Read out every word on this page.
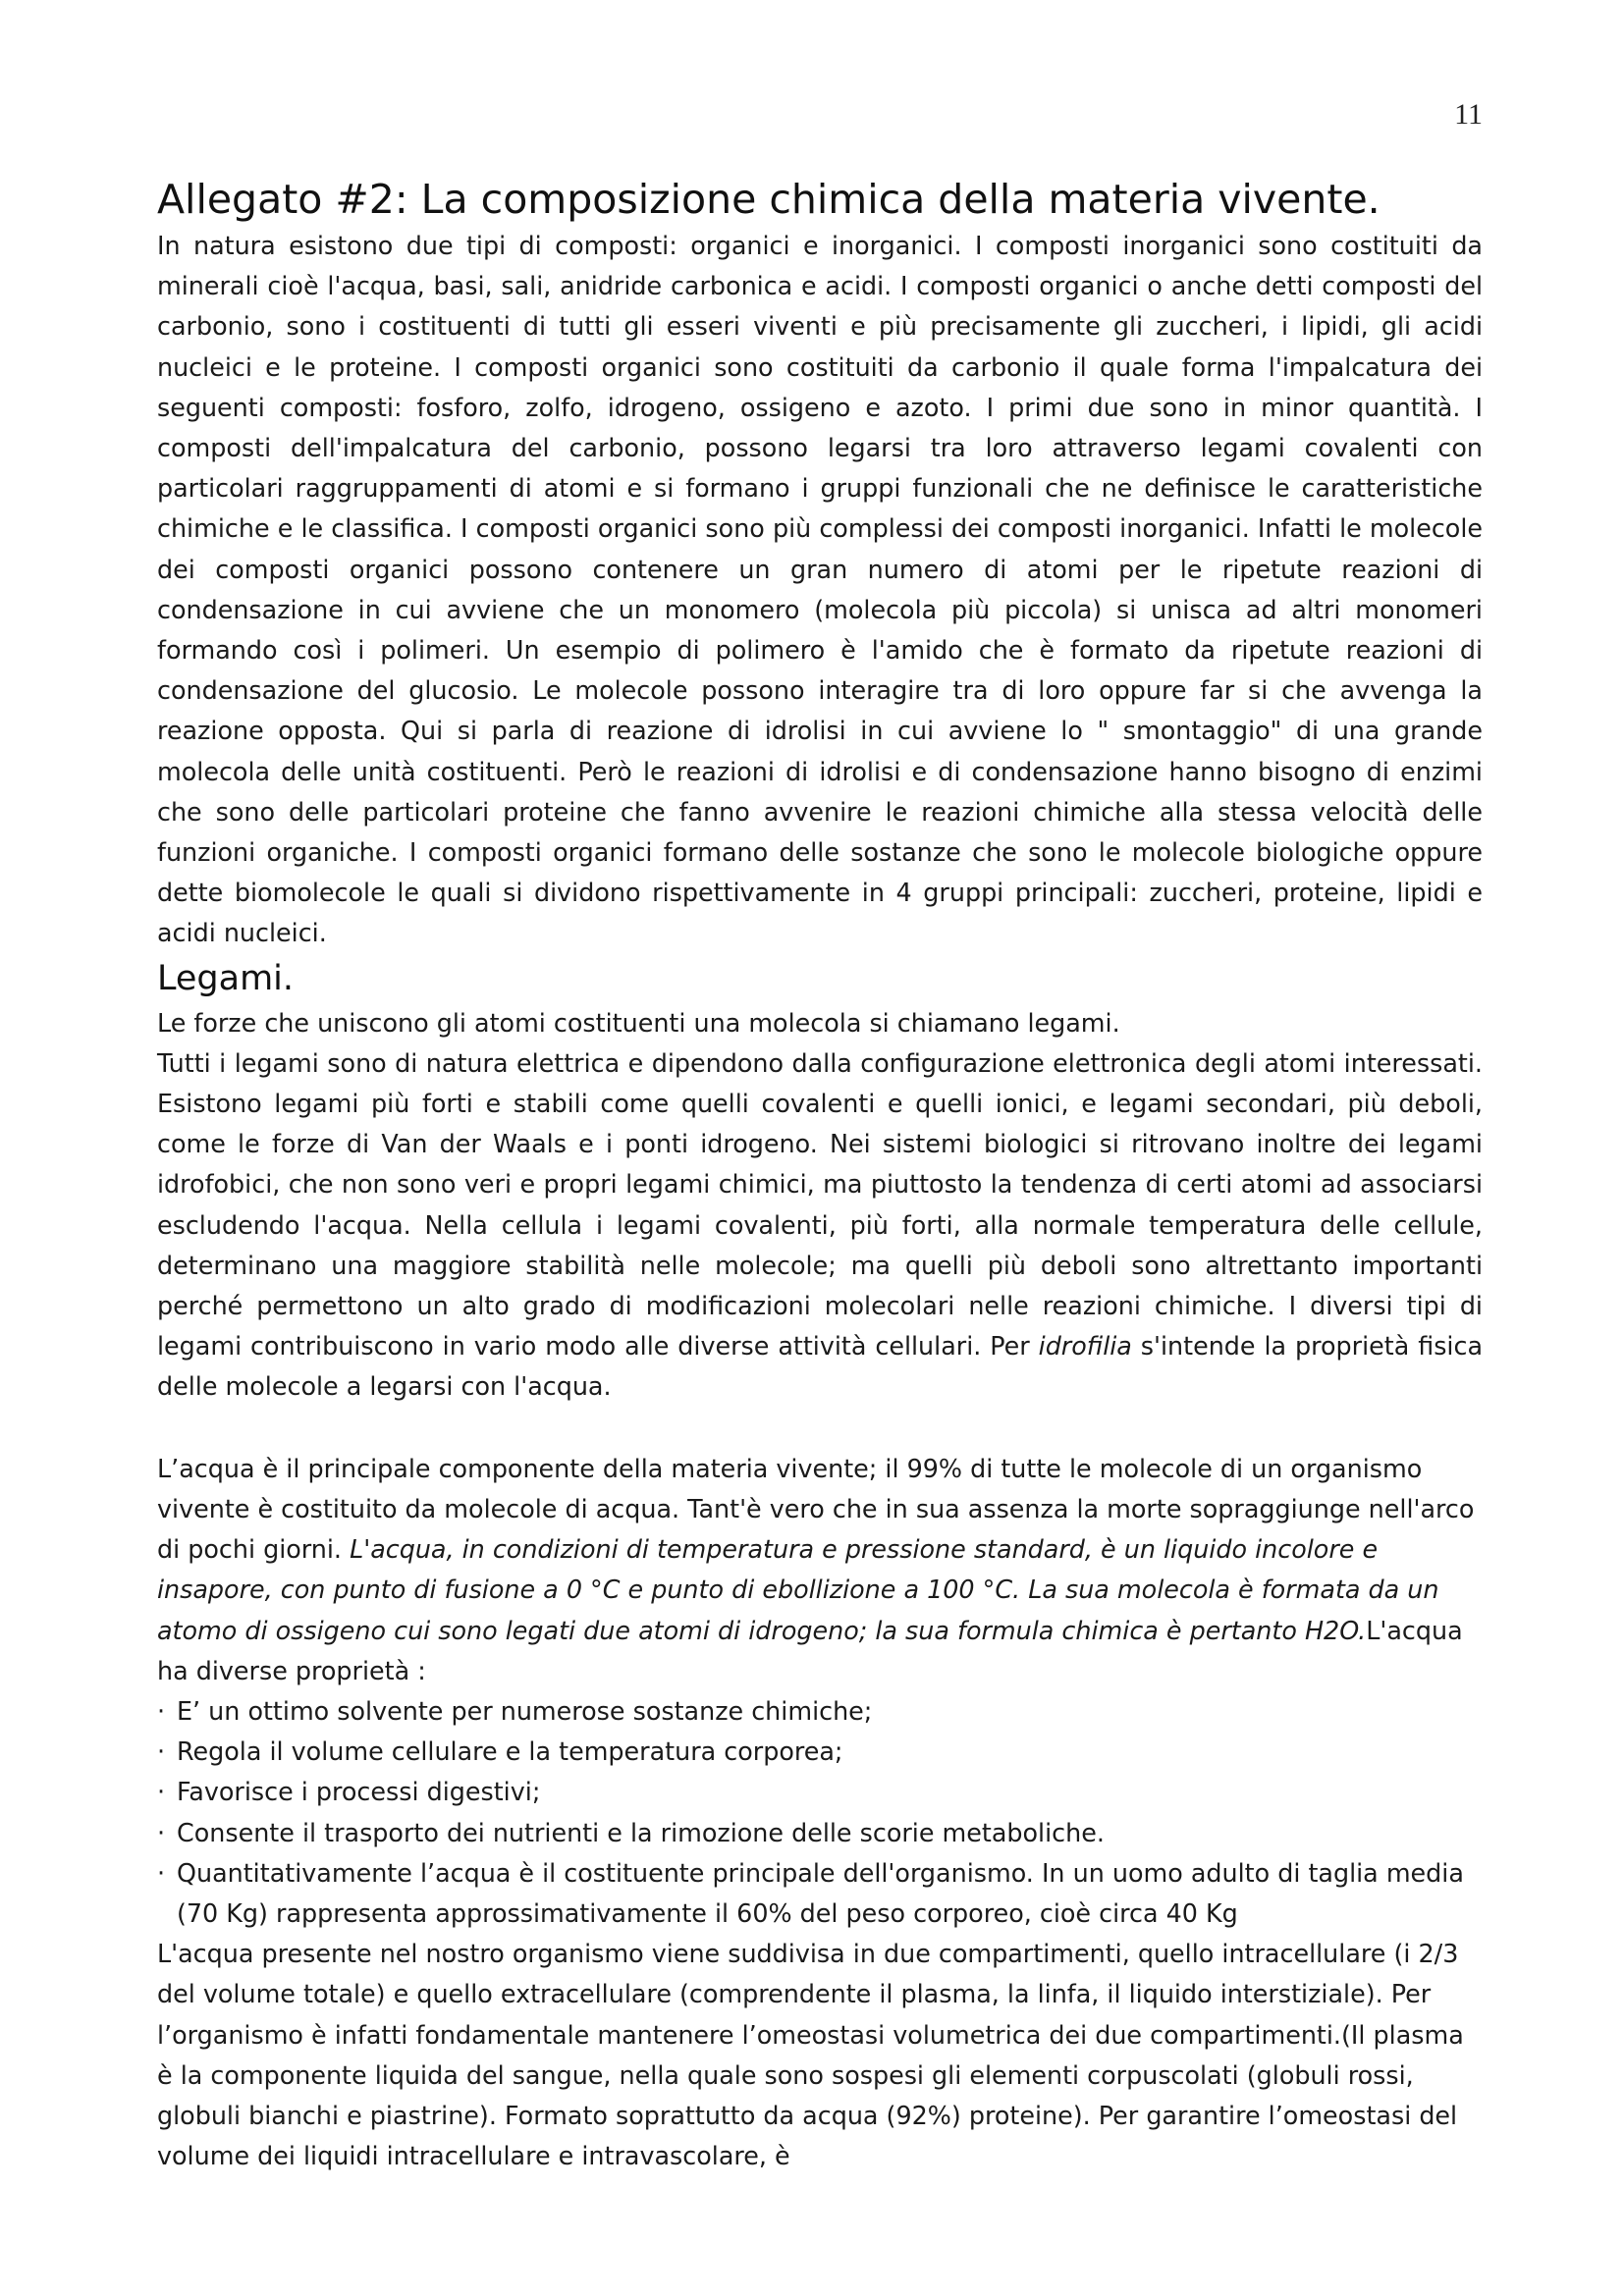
11
Allegato #2: La composizione chimica della materia vivente.

In natura esistono due tipi di composti: organici e inorganici. I composti inorganici sono costituiti da minerali cioè l'acqua, basi, sali, anidride carbonica e acidi. I composti organici o anche detti composti del carbonio, sono i costituenti di tutti gli esseri viventi e più precisamente gli zuccheri, i lipidi, gli acidi nucleici e le proteine. I composti organici sono costituiti da carbonio il quale forma l'impalcatura dei seguenti composti: fosforo, zolfo, idrogeno, ossigeno e azoto. I primi due sono in minor quantità. I composti dell'impalcatura del carbonio, possono legarsi tra loro attraverso legami covalenti con particolari raggruppamenti di atomi e si formano i gruppi funzionali che ne definisce le caratteristiche chimiche e le classifica. I composti organici sono più complessi dei composti inorganici. Infatti le molecole dei composti organici possono contenere un gran numero di atomi per le ripetute reazioni di condensazione in cui avviene che un monomero (molecola più piccola) si unisca ad altri monomeri formando così i polimeri. Un esempio di polimero è l'amido che è formato da ripetute reazioni di condensazione del glucosio. Le molecole possono interagire tra di loro oppure far si che avvenga la reazione opposta. Qui si parla di reazione di idrolisi in cui avviene lo " smontaggio" di una grande molecola delle unità costituenti. Però le reazioni di idrolisi e di condensazione hanno bisogno di enzimi che sono delle particolari proteine che fanno avvenire le reazioni chimiche alla stessa velocità delle funzioni organiche. I composti organici formano delle sostanze che sono le molecole biologiche oppure dette biomolecole le quali si dividono rispettivamente in 4 gruppi principali: zuccheri, proteine, lipidi e acidi nucleici.

Legami.

Le forze che uniscono gli atomi costituenti una molecola si chiamano legami.

Tutti i legami sono di natura elettrica e dipendono dalla configurazione elettronica degli atomi interessati. Esistono legami più forti e stabili come quelli covalenti e quelli ionici, e legami secondari, più deboli, come le forze di Van der Waals e i ponti idrogeno. Nei sistemi biologici si ritrovano inoltre dei legami idrofobici, che non sono veri e propri legami chimici, ma piuttosto la tendenza di certi atomi ad associarsi escludendo l'acqua. Nella cellula i legami covalenti, più forti, alla normale temperatura delle cellule, determinano una maggiore stabilità nelle molecole; ma quelli più deboli sono altrettanto importanti perché permettono un alto grado di modificazioni molecolari nelle reazioni chimiche. I diversi tipi di legami contribuiscono in vario modo alle diverse attività cellulari. Per idrofilia s'intende la proprietà fisica delle molecole a legarsi con l'acqua.

L’acqua è il principale componente della materia vivente; il 99% di tutte le molecole di un organismo vivente è costituito da molecole di acqua. Tant'è vero che in sua assenza la morte sopraggiunge nell'arco di pochi giorni. L'acqua, in condizioni di temperatura e pressione standard, è un liquido incolore e insapore, con punto di fusione a 0 °C e punto di ebollizione a 100 °C. La sua molecola è formata da un atomo di ossigeno cui sono legati due atomi di idrogeno; la sua formula chimica è pertanto H2O.L'acqua ha diverse proprietà :

· E’ un ottimo solvente per numerose sostanze chimiche;
· Regola il volume cellulare e la temperatura corporea;
· Favorisce i processi digestivi;
· Consente il trasporto dei nutrienti e la rimozione delle scorie metaboliche.
· Quantitativamente l’acqua è il costituente principale dell'organismo. In un uomo adulto di taglia media (70 Kg) rappresenta approssimativamente il 60% del peso corporeo, cioè circa 40 Kg

L'acqua presente nel nostro organismo viene suddivisa in due compartimenti, quello intracellulare (i 2/3 del volume totale) e quello extracellulare (comprendente il plasma, la linfa, il liquido interstiziale). Per l’organismo è infatti fondamentale mantenere l’omeostasi volumetrica dei due compartimenti.(Il plasma è la componente liquida del sangue, nella quale sono sospesi gli elementi corpuscolati (globuli rossi, globuli bianchi e piastrine). Formato soprattutto da acqua (92%) proteine). Per garantire l’omeostasi del volume dei liquidi intracellulare e intravascolare, è
